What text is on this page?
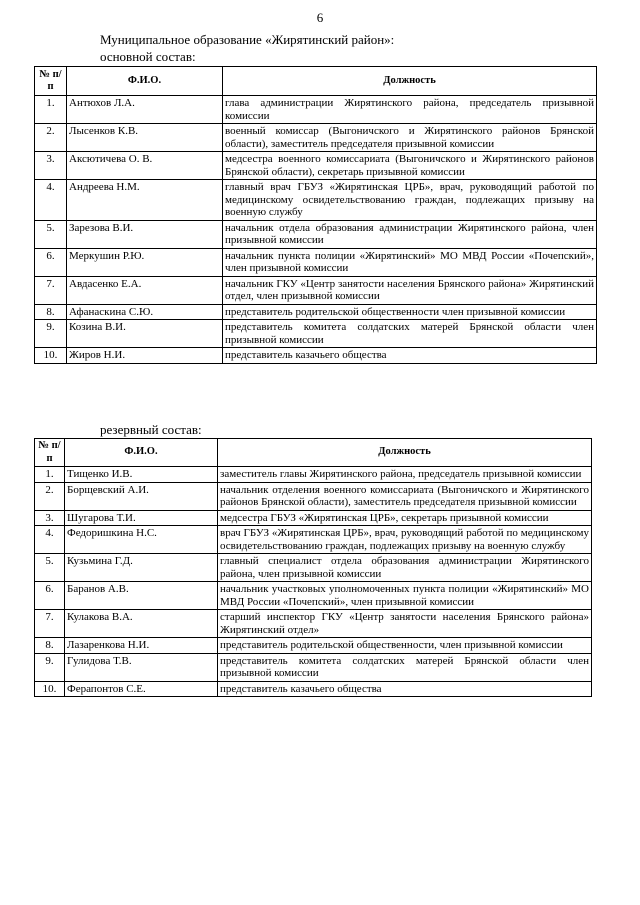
6
Муниципальное образование «Жирятинский район»:
основной состав:
№ п/п	Ф.И.О.	Должность
1.	Антюхов Л.А.	глава администрации Жирятинского района, председатель призывной комиссии
2.	Лысенков К.В.	военный комиссар (Выгоничского и Жирятинского районов Брянской области), заместитель председателя призывной комиссии
3.	Аксютичева О. В.	медсестра военного комиссариата (Выгоничского и Жирятинского районов Брянской области), секретарь призывной комиссии
4.	Андреева Н.М.	главный врач ГБУЗ «Жирятинская ЦРБ», врач, руководящий работой по медицинскому освидетельствованию граждан, подлежащих призыву на военную службу
5.	Зарезова В.И.	начальник отдела образования администрации Жирятинского района, член призывной комиссии
6.	Меркушин Р.Ю.	начальник пункта полиции «Жирятинский» МО МВД России «Почепский», член призывной комиссии
7.	Авдасенко Е.А.	начальник ГКУ «Центр занятости населения Брянского района» Жирятинский отдел, член призывной комиссии
8.	Афанаскина С.Ю.	представитель родительской общественности член призывной комиссии
9.	Козина В.И.	представитель комитета солдатских матерей Брянской области член призывной комиссии
10.	Жиров Н.И.	представитель казачьего общества
резервный состав:
№ п/п	Ф.И.О.	Должность
1.	Тищенко И.В.	заместитель главы Жирятинского района, председатель призывной комиссии
2.	Борщевский А.И.	начальник отделения военного комиссариата (Выгоничского и Жирятинского районов Брянской области), заместитель председателя призывной комиссии
3.	Шугарова Т.И.	медсестра ГБУЗ «Жирятинская ЦРБ», секретарь призывной комиссии
4.	Федоришкина Н.С.	врач ГБУЗ «Жирятинская ЦРБ», врач, руководящий работой по медицинскому освидетельствованию граждан, подлежащих призыву на военную службу
5.	Кузьмина Г.Д.	главный специалист отдела образования администрации Жирятинского района, член призывной комиссии
6.	Баранов А.В.	начальник участковых уполномоченных пункта полиции «Жирятинский» МО МВД России «Почепский», член призывной комиссии
7.	Кулакова В.А.	старший инспектор ГКУ «Центр занятости населения Брянского района» Жирятинский отдел»
8.	Лазаренкова Н.И.	представитель родительской общественности, член призывной комиссии
9.	Гулидова Т.В.	представитель комитета солдатских матерей Брянской области член призывной комиссии
10.	Ферапонтов С.Е.	представитель казачьего общества
